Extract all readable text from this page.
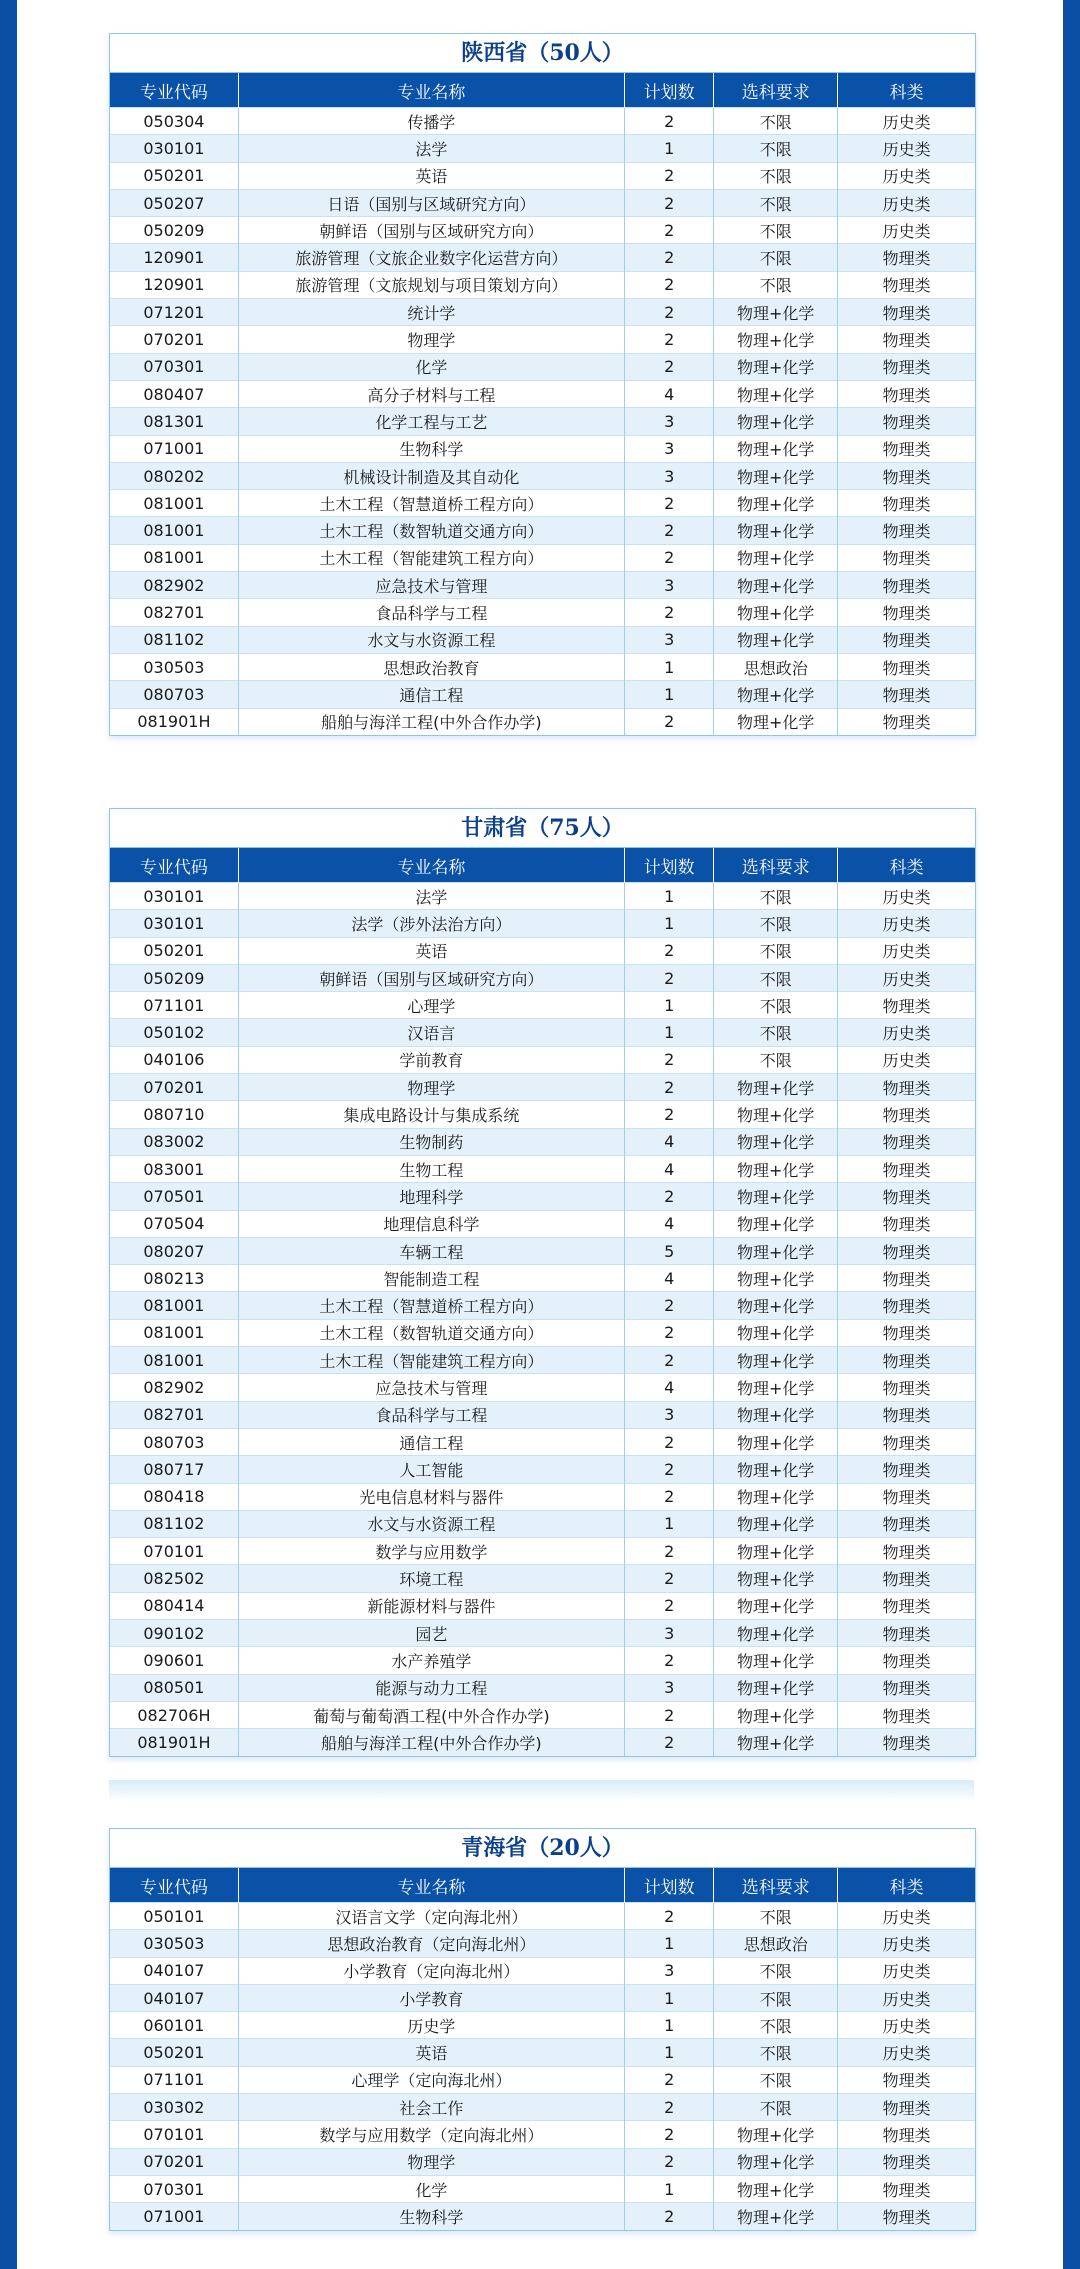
陕西省（50人）
专业代码	专业名称	计划数	选科要求	科类
050304	传播学	2	不限	历史类
030101	法学	1	不限	历史类
050201	英语	2	不限	历史类
050207	日语（国别与区域研究方向）	2	不限	历史类
050209	朝鲜语（国别与区域研究方向）	2	不限	历史类
120901	旅游管理（文旅企业数字化运营方向）	2	不限	物理类
120901	旅游管理（文旅规划与项目策划方向）	2	不限	物理类
071201	统计学	2	物理+化学	物理类
070201	物理学	2	物理+化学	物理类
070301	化学	2	物理+化学	物理类
080407	高分子材料与工程	4	物理+化学	物理类
081301	化学工程与工艺	3	物理+化学	物理类
071001	生物科学	3	物理+化学	物理类
080202	机械设计制造及其自动化	3	物理+化学	物理类
081001	土木工程（智慧道桥工程方向）	2	物理+化学	物理类
081001	土木工程（数智轨道交通方向）	2	物理+化学	物理类
081001	土木工程（智能建筑工程方向）	2	物理+化学	物理类
082902	应急技术与管理	3	物理+化学	物理类
082701	食品科学与工程	2	物理+化学	物理类
081102	水文与水资源工程	3	物理+化学	物理类
030503	思想政治教育	1	思想政治	物理类
080703	通信工程	1	物理+化学	物理类
081901H	船舶与海洋工程(中外合作办学)	2	物理+化学	物理类
甘肃省（75人）
专业代码	专业名称	计划数	选科要求	科类
030101	法学	1	不限	历史类
030101	法学（涉外法治方向）	1	不限	历史类
050201	英语	2	不限	历史类
050209	朝鲜语（国别与区域研究方向）	2	不限	历史类
071101	心理学	1	不限	物理类
050102	汉语言	1	不限	历史类
040106	学前教育	2	不限	历史类
070201	物理学	2	物理+化学	物理类
080710	集成电路设计与集成系统	2	物理+化学	物理类
083002	生物制药	4	物理+化学	物理类
083001	生物工程	4	物理+化学	物理类
070501	地理科学	2	物理+化学	物理类
070504	地理信息科学	4	物理+化学	物理类
080207	车辆工程	5	物理+化学	物理类
080213	智能制造工程	4	物理+化学	物理类
081001	土木工程（智慧道桥工程方向）	2	物理+化学	物理类
081001	土木工程（数智轨道交通方向）	2	物理+化学	物理类
081001	土木工程（智能建筑工程方向）	2	物理+化学	物理类
082902	应急技术与管理	4	物理+化学	物理类
082701	食品科学与工程	3	物理+化学	物理类
080703	通信工程	2	物理+化学	物理类
080717	人工智能	2	物理+化学	物理类
080418	光电信息材料与器件	2	物理+化学	物理类
081102	水文与水资源工程	1	物理+化学	物理类
070101	数学与应用数学	2	物理+化学	物理类
082502	环境工程	2	物理+化学	物理类
080414	新能源材料与器件	2	物理+化学	物理类
090102	园艺	3	物理+化学	物理类
090601	水产养殖学	2	物理+化学	物理类
080501	能源与动力工程	3	物理+化学	物理类
082706H	葡萄与葡萄酒工程(中外合作办学)	2	物理+化学	物理类
081901H	船舶与海洋工程(中外合作办学)	2	物理+化学	物理类
青海省（20人）
专业代码	专业名称	计划数	选科要求	科类
050101	汉语言文学（定向海北州）	2	不限	历史类
030503	思想政治教育（定向海北州）	1	思想政治	历史类
040107	小学教育（定向海北州）	3	不限	历史类
040107	小学教育	1	不限	历史类
060101	历史学	1	不限	历史类
050201	英语	1	不限	历史类
071101	心理学（定向海北州）	2	不限	物理类
030302	社会工作	2	不限	物理类
070101	数学与应用数学（定向海北州）	2	物理+化学	物理类
070201	物理学	2	物理+化学	物理类
070301	化学	1	物理+化学	物理类
071001	生物科学	2	物理+化学	物理类
